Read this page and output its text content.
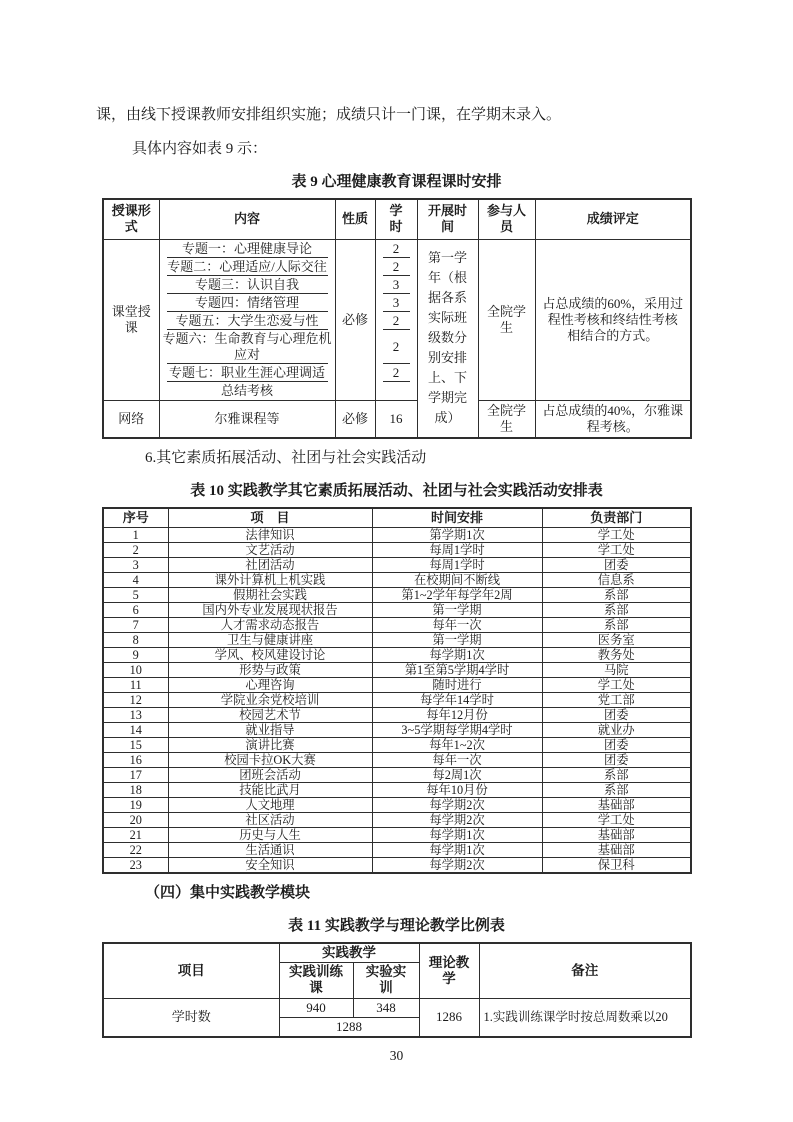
课，由线下授课教师安排组织实施；成绩只计一门课，在学期末录入。

具体内容如表 9 示：

表 9 心理健康教育课程课时安排
授课形式	内容	性质	学时	开展时间	参与人员	成绩评定
课堂授课	专题一：心理健康导论	必修	2	第一学年（根据各系实际班级数分别安排上、下学期完成）	全院学生	占总成绩的60%，采用过程性考核和终结性考核相结合的方式。
	专题二：心理适应/人际交往		2			
	专题三：认识自我		3			
	专题四：情绪管理		3			
	专题五：大学生恋爱与性		2			
	专题六：生命教育与心理危机应对		2			
	专题七：职业生涯心理调适		2			
	总结考核					
网络	尔雅课程等	必修	16		全院学生	占总成绩的40%，尔雅课程考核。

6.其它素质拓展活动、社团与社会实践活动

表 10 实践教学其它素质拓展活动、社团与社会实践活动安排表
序号	项　目	时间安排	负责部门
1	法律知识	第学期1次	学工处
2	文艺活动	每周1学时	学工处
3	社团活动	每周1学时	团委
4	课外计算机上机实践	在校期间不断线	信息系
5	假期社会实践	第1~2学年每学年2周	系部
6	国内外专业发展现状报告	第一学期	系部
7	人才需求动态报告	每年一次	系部
8	卫生与健康讲座	第一学期	医务室
9	学风、校风建设讨论	每学期1次	教务处
10	形势与政策	第1至第5学期4学时	马院
11	心理咨询	随时进行	学工处
12	学院业余党校培训	每学年14学时	党工部
13	校园艺术节	每年12月份	团委
14	就业指导	3~5学期每学期4学时	就业办
15	演讲比赛	每年1~2次	团委
16	校园卡拉OK大赛	每年一次	团委
17	团班会活动	每2周1次	系部
18	技能比武月	每年10月份	系部
19	人文地理	每学期2次	基础部
20	社区活动	每学期2次	学工处
21	历史与人生	每学期1次	基础部
22	生活通识	每学期1次	基础部
23	安全知识	每学期2次	保卫科

（四）集中实践教学模块

表 11 实践教学与理论教学比例表
项目	实践教学		理论教学	备注
	实践训练课	实验实训		
学时数	940	348	1286	1.实践训练课学时按总周数乘以20
	1288			
30
